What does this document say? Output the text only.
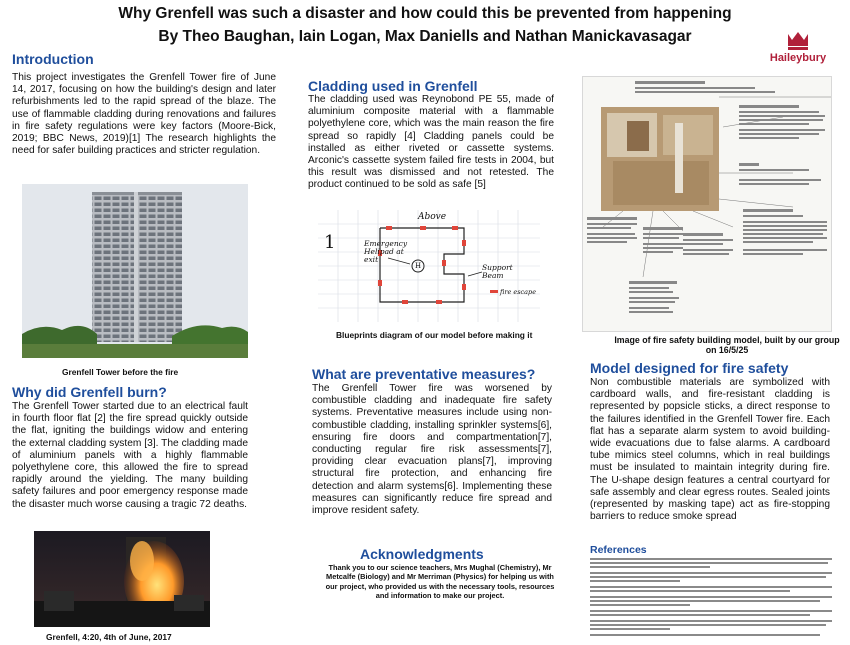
Why Grenfell was such a disaster and how could this be prevented from happening
By Theo Baughan, Iain Logan, Max Daniells and Nathan Manickavasagar
Haileybury
Introduction
This project investigates the Grenfell Tower fire of June 14, 2017, focusing on how the building's design and later refurbishments led to the rapid spread of the blaze. The use of flammable cladding during renovations and failures in fire safety regulations were key factors (Moore-Bick, 2019; BBC News, 2019)[1] The research highlights the need for safer building practices and stricter regulation.
Grenfell Tower before the fire
Why did Grenfell burn?
The Grenfell Tower started due to an electrical fault in fourth floor flat [2] the fire spread quickly outside the flat, igniting the buildings widow and entering the external cladding system [3]. The cladding made of aluminium panels with a highly flammable polyethylene core, this allowed the fire to spread rapidly around the yielding. The many building safety failures and poor emergency response made the disaster much worse causing a tragic 72 deaths.
Grenfell, 4:20, 4th of June, 2017
Cladding used in Grenfell
The cladding used was Reynobond PE 55, made of aluminium composite material with a flammable polyethylene core, which was the main reason the fire spread so rapidly [4] Cladding panels could be installed as either riveted or cassette systems. Arconic's cassette system failed fire tests in 2004, but this result was dismissed and not retested. The product continued to be sold as safe [5]
Above
1	Emergency Helipad at exit
H	Support Beam
fire escape
Blueprints diagram of our model before making it
What are preventative measures?
The Grenfell Tower fire was worsened by combustible cladding and inadequate fire safety systems. Preventative measures include using non-combustible cladding, installing sprinkler systems[6], ensuring fire doors and compartmentation[7], conducting regular fire risk assessments[7], providing clear evacuation plans[7], improving structural fire protection, and enhancing fire detection and alarm systems[6]. Implementing these measures can significantly reduce fire spread and improve resident safety.
Acknowledgments
Thank you to our science teachers, Mrs Mughal (Chemistry), Mr Metcalfe (Biology) and Mr Merriman (Physics) for helping us with our project, who provided us with the necessary tools, resources and information to make our project.
Image of fire safety building model, built by our group on 16/5/25
Model designed for fire safety
Non combustible materials are symbolized with cardboard walls, and fire-resistant cladding is represented by popsicle sticks, a direct response to the failures identified in the Grenfell Tower fire. Each flat has a separate alarm system to avoid building-wide evacuations due to false alarms. A cardboard tube mimics steel columns, which in real buildings must be insulated to maintain integrity during fire. The U-shape design features a central courtyard for safe assembly and clear egress routes. Sealed joints (represented by masking tape) act as fire-stopping barriers to reduce smoke spread
References
